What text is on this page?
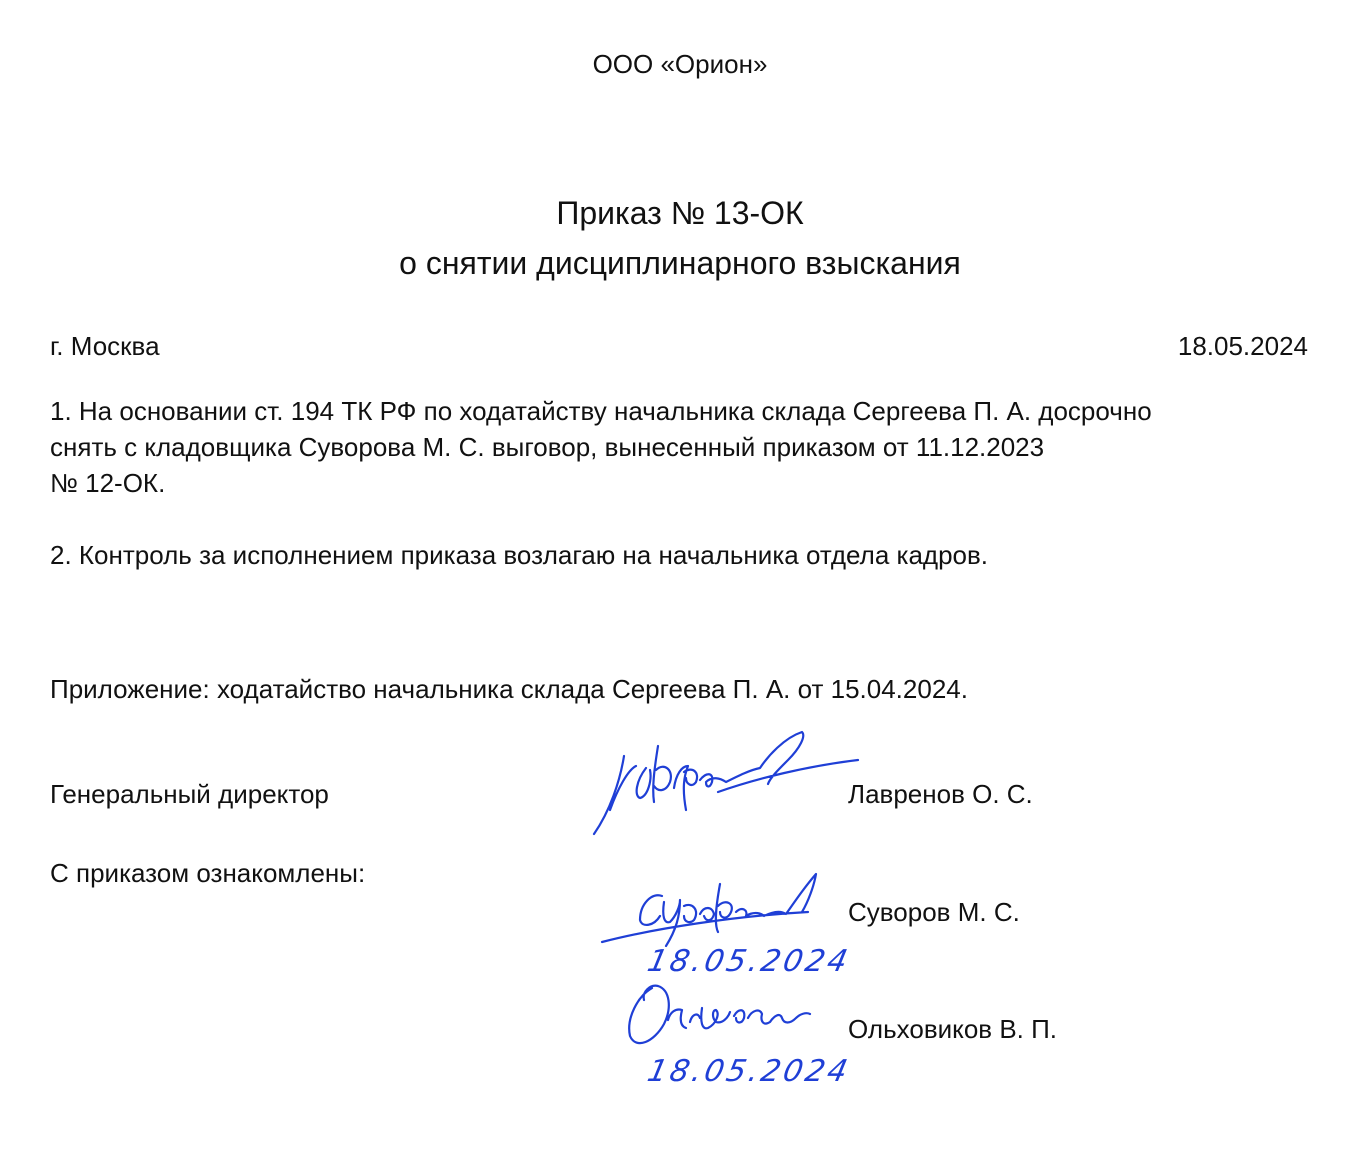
ООО «Орион»
Приказ № 13-ОК
о снятии дисциплинарного взыскания
г. Москва	18.05.2024
1. На основании ст. 194 ТК РФ по ходатайству начальника склада Сергеева П. А. досрочно
снять с кладовщика Суворова М. С. выговор, вынесенный приказом от 11.12.2023
№ 12-ОК.
2. Контроль за исполнением приказа возлагаю на начальника отдела кадров.
Приложение: ходатайство начальника склада Сергеева П. А. от 15.04.2024.
Генеральный директор	Лавренов О. С.
С приказом ознакомлены:
18.05.2024
Суворов М. С.
18.05.2024
Ольховиков В. П.
